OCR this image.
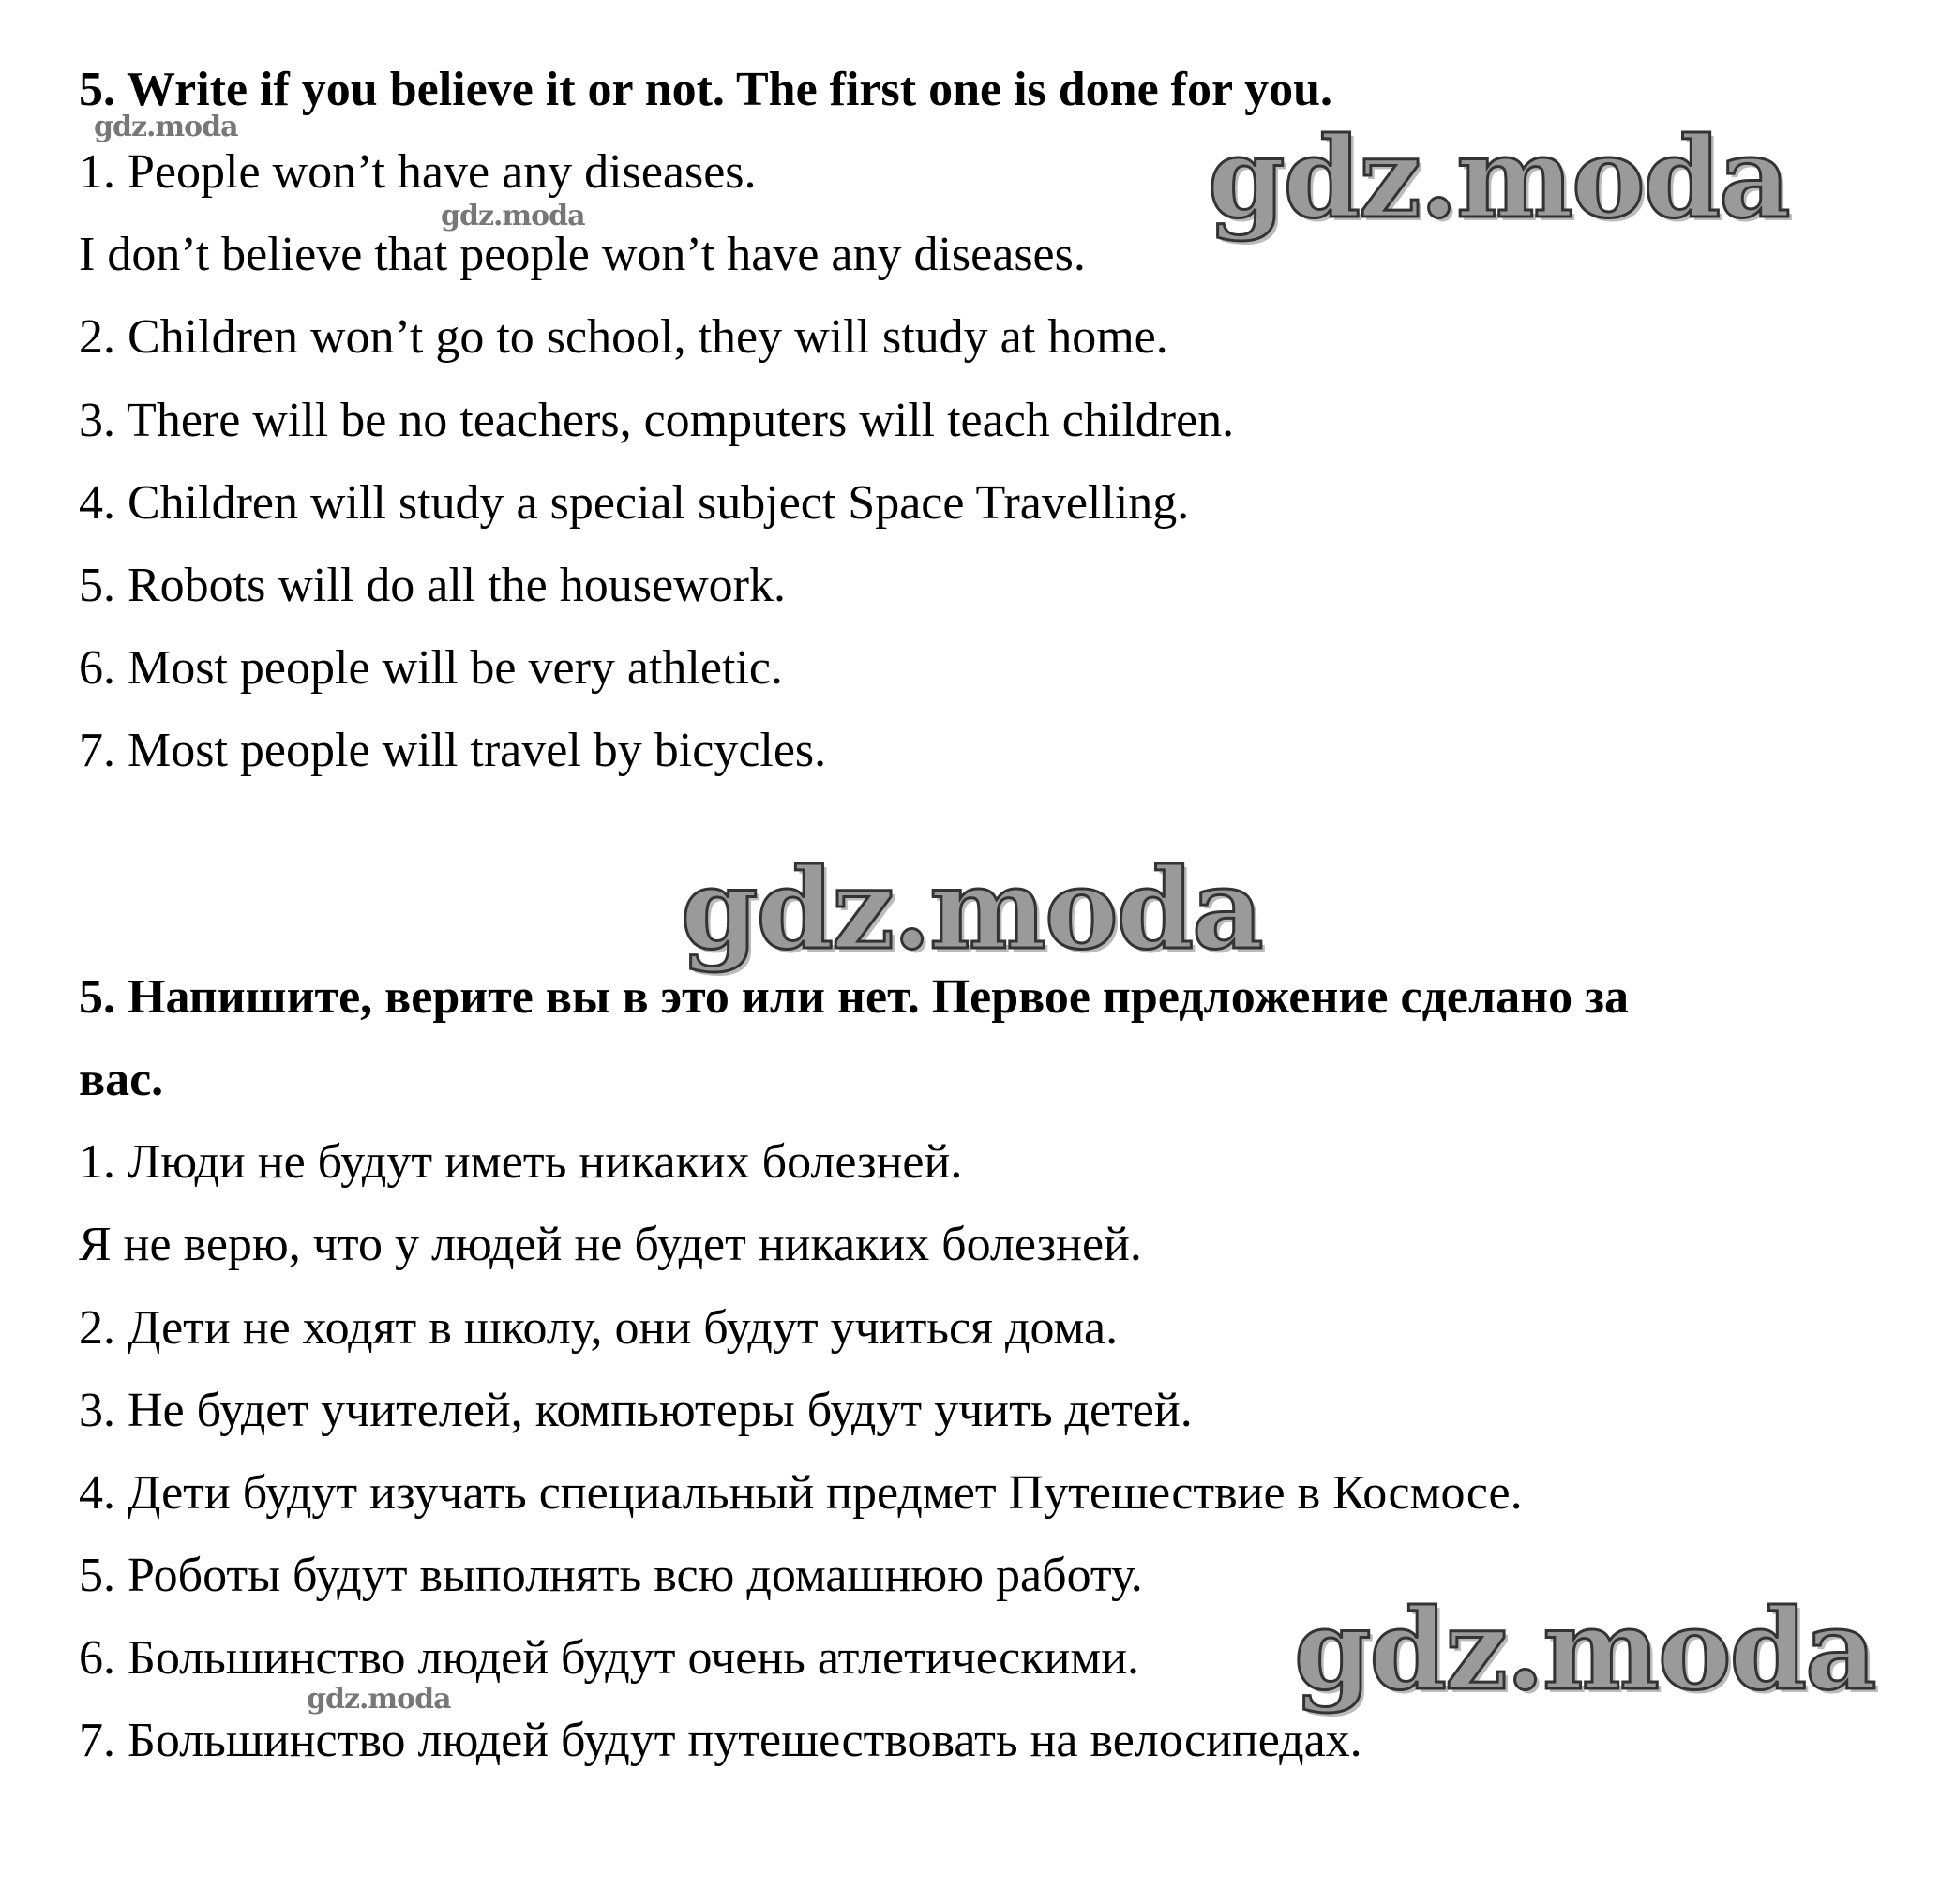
5. Write if you believe it or not. The first one is done for you.
1. People won’t have any diseases.
I don’t believe that people won’t have any diseases.
2. Children won’t go to school, they will study at home.
3. There will be no teachers, computers will teach children.
4. Children will study a special subject Space Travelling.
5. Robots will do all the housework.
6. Most people will be very athletic.
7. Most people will travel by bicycles.
5. Напишите, верите вы в это или нет. Первое предложение сделано за
вас.
1. Люди не будут иметь никаких болезней.
Я не верю, что у людей не будет никаких болезней.
2. Дети не ходят в школу, они будут учиться дома.
3. Не будет учителей, компьютеры будут учить детей.
4. Дети будут изучать специальный предмет Путешествие в Космосе.
5. Роботы будут выполнять всю домашнюю работу.
6. Большинство людей будут очень атлетическими.
7. Большинство людей будут путешествовать на велосипедах.
gdz.moda
gdz.moda
gdz.moda
gdz.moda
gdz.moda
gdz.moda
